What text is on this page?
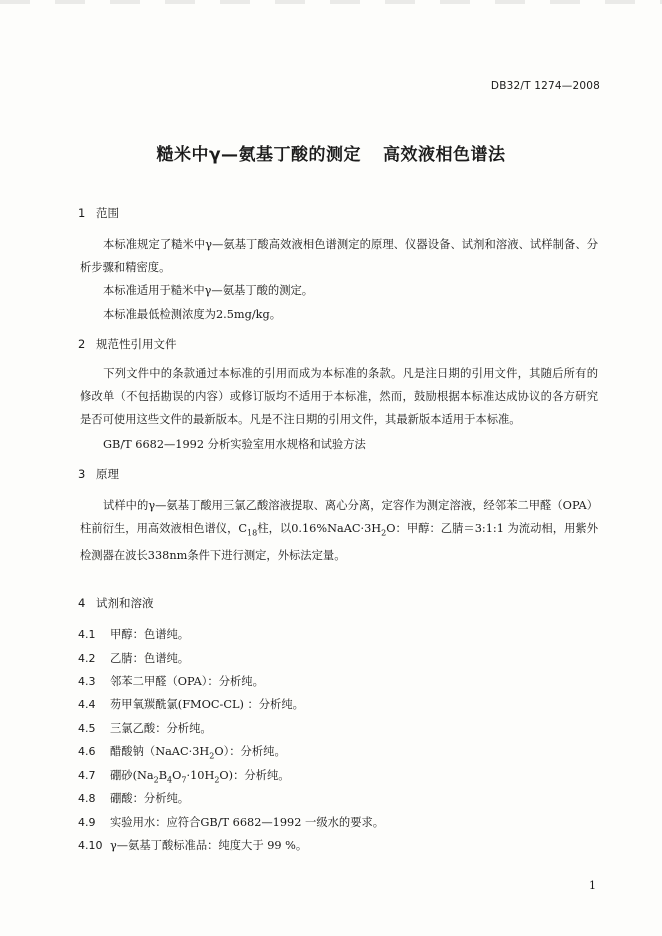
DB32/T 1274—2008
糙米中γ—氨基丁酸的测定 高效液相色谱法
1 范围
本标准规定了糙米中γ—氨基丁酸高效液相色谱测定的原理、仪器设备、试剂和溶液、试样制备、分析步骤和精密度。
本标准适用于糙米中γ—氨基丁酸的测定。
本标准最低检测浓度为2.5mg/kg。
2 规范性引用文件
下列文件中的条款通过本标准的引用而成为本标准的条款。凡是注日期的引用文件，其随后所有的修改单（不包括勘误的内容）或修订版均不适用于本标准，然而，鼓励根据本标准达成协议的各方研究是否可使用这些文件的最新版本。凡是不注日期的引用文件，其最新版本适用于本标准。
GB/T 6682—1992 分析实验室用水规格和试验方法
3 原理
试样中的γ—氨基丁酸用三氯乙酸溶液提取、离心分离，定容作为测定溶液，经邻苯二甲醛（OPA）柱前衍生，用高效液相色谱仪，$C_{18}$柱，以$0.16\%NaAC\cdot 3H_2O$：甲醇：乙腈＝3:1:1 为流动相，用紫外检测器在波长338nm条件下进行测定，外标法定量。
4 试剂和溶液
4.1 甲醇：色谱纯。
4.2 乙腈：色谱纯。
4.3 邻苯二甲醛（OPA）：分析纯。
4.4 芴甲氧羰酰氯(FMOC-CL) ：分析纯。
4.5 三氯乙酸：分析纯。
4.6 醋酸钠$(NaAC\cdot 3H_2O)$：分析纯。
4.7 硼砂$(Na_2B_4O_7\cdot 10H_2O)$：分析纯。
4.8 硼酸：分析纯。
4.9 实验用水：应符合GB/T 6682—1992 一级水的要求。
4.10 γ—氨基丁酸标准品：纯度大于 99 %。
1
